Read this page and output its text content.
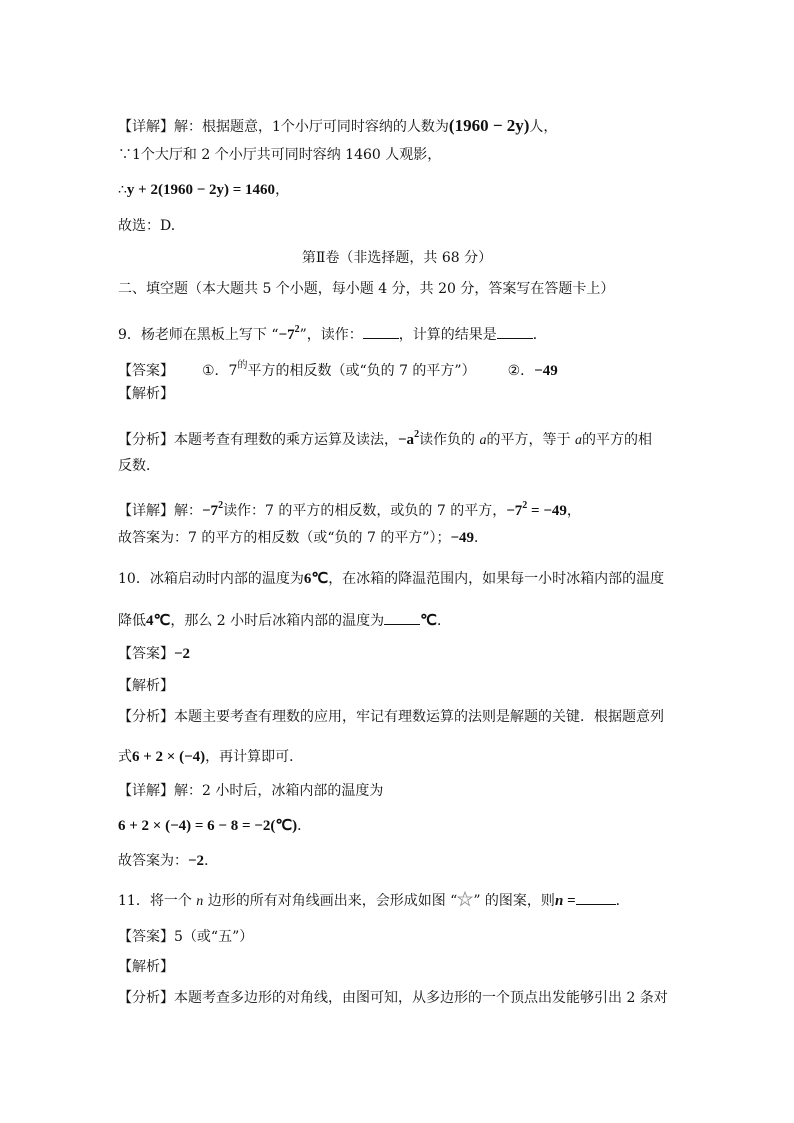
【详解】解：根据题意，1个小厅可同时容纳的人数为(1960 − 2y)人，
∵1个大厅和 2 个小厅共可同时容纳 1460 人观影，
∴y + 2(1960 − 2y) = 1460，
故选：D.
第Ⅱ卷（非选择题，共 68 分）
二、填空题（本大题共 5 个小题，每小题 4 分，共 20 分，答案写在答题卡上）
9．杨老师在黑板上写下 “$-7^2$”，读作：	，计算的结果是	．
【答案】 ①．$7^的$平方的相反数（或“负的 7 的平方”） ②．−49
【解析】
【分析】本题考查有理数的乘方运算及读法，$-a^2$读作负的 a的平方，等于 a的平方的相
反数．
【详解】解：$-7^2$读作：7 的平方的相反数，或负的 7 的平方，$-7^2 = -49$，
故答案为：7 的平方的相反数（或“负的 7 的平方”）；−49．
10．冰箱启动时内部的温度为6℃，在冰箱的降温范围内，如果每一小时冰箱内部的温度
降低4℃，那么 2 小时后冰箱内部的温度为 ℃．
【答案】−2
【解析】
【分析】本题主要考查有理数的应用，牢记有理数运算的法则是解题的关键．根据题意列
式6 + 2 × (−4)，再计算即可．
【详解】解：2 小时后，冰箱内部的温度为
6 + 2 × (−4) = 6 − 8 = −2(℃)．
故答案为：−2．
11．将一个 n 边形的所有对角线画出来，会形成如图 “ ” 的图案，则n =	．
【答案】5（或“五”）
【解析】
【分析】本题考查多边形的对角线，由图可知，从多边形的一个顶点出发能够引出 2 条对
